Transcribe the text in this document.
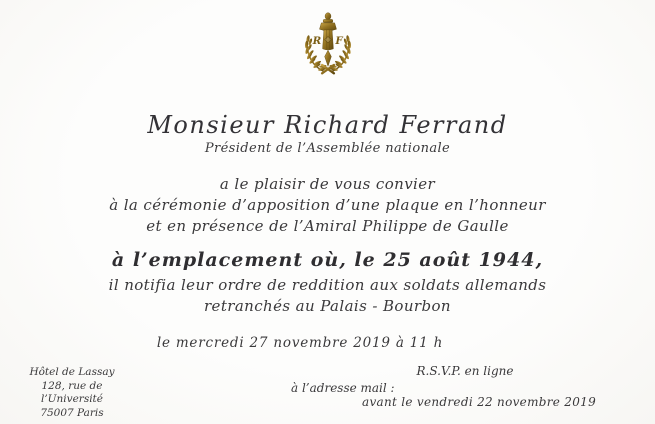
R F
Monsieur Richard Ferrand
Président de l’Assemblée nationale
a le plaisir de vous convier
à la cérémonie d’apposition d’une plaque en l’honneur
et en présence de l’Amiral Philippe de Gaulle
à l’emplacement où, le 25 août 1944,
il notifia leur ordre de reddition aux soldats allemands
retranchés au Palais - Bourbon
le mercredi 27 novembre 2019 à 11 h
Hôtel de Lassay
128, rue de l’Université
75007 Paris
R.S.V.P. en ligne
à l’adresse mail :
avant le vendredi 22 novembre 2019
